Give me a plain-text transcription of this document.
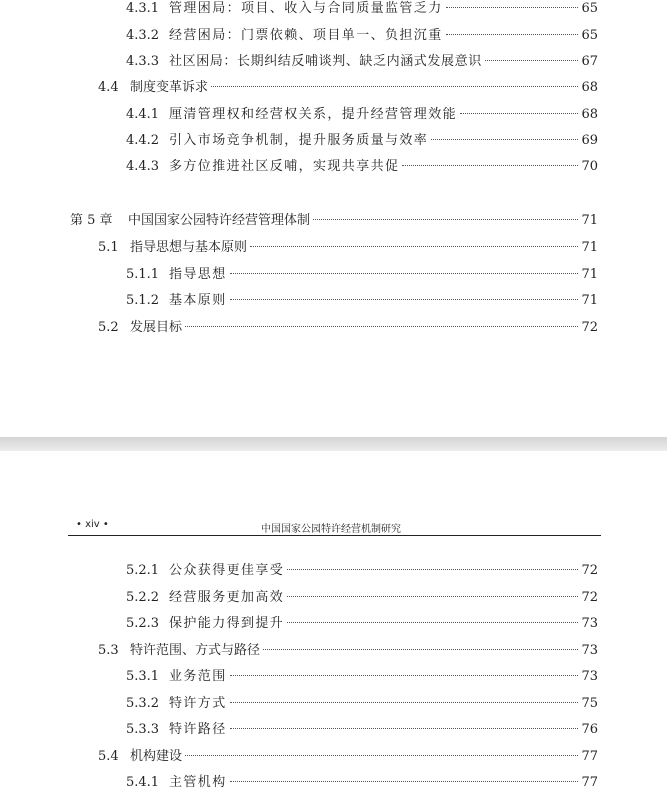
4.3.1 管理困局：项目、收入与合同质量监管乏力	65
4.3.2 经营困局：门票依赖、项目单一、负担沉重	65
4.3.3 社区困局：长期纠结反哺谈判、缺乏内涵式发展意识	67
4.4 制度变革诉求	68
4.4.1 厘清管理权和经营权关系，提升经营管理效能	68
4.4.2 引入市场竞争机制，提升服务质量与效率	69
4.4.3 多方位推进社区反哺，实现共享共促	70
第 5 章	中国国家公园特许经营管理体制	71
5.1 指导思想与基本原则	71
5.1.1 指导思想	71
5.1.2 基本原则	71
5.2 发展目标	72
• xiv •	中国国家公园特许经营机制研究
5.2.1 公众获得更佳享受	72
5.2.2 经营服务更加高效	72
5.2.3 保护能力得到提升	73
5.3 特许范围、方式与路径	73
5.3.1 业务范围	73
5.3.2 特许方式	75
5.3.3 特许路径	76
5.4 机构建设	77
5.4.1 主管机构	77
